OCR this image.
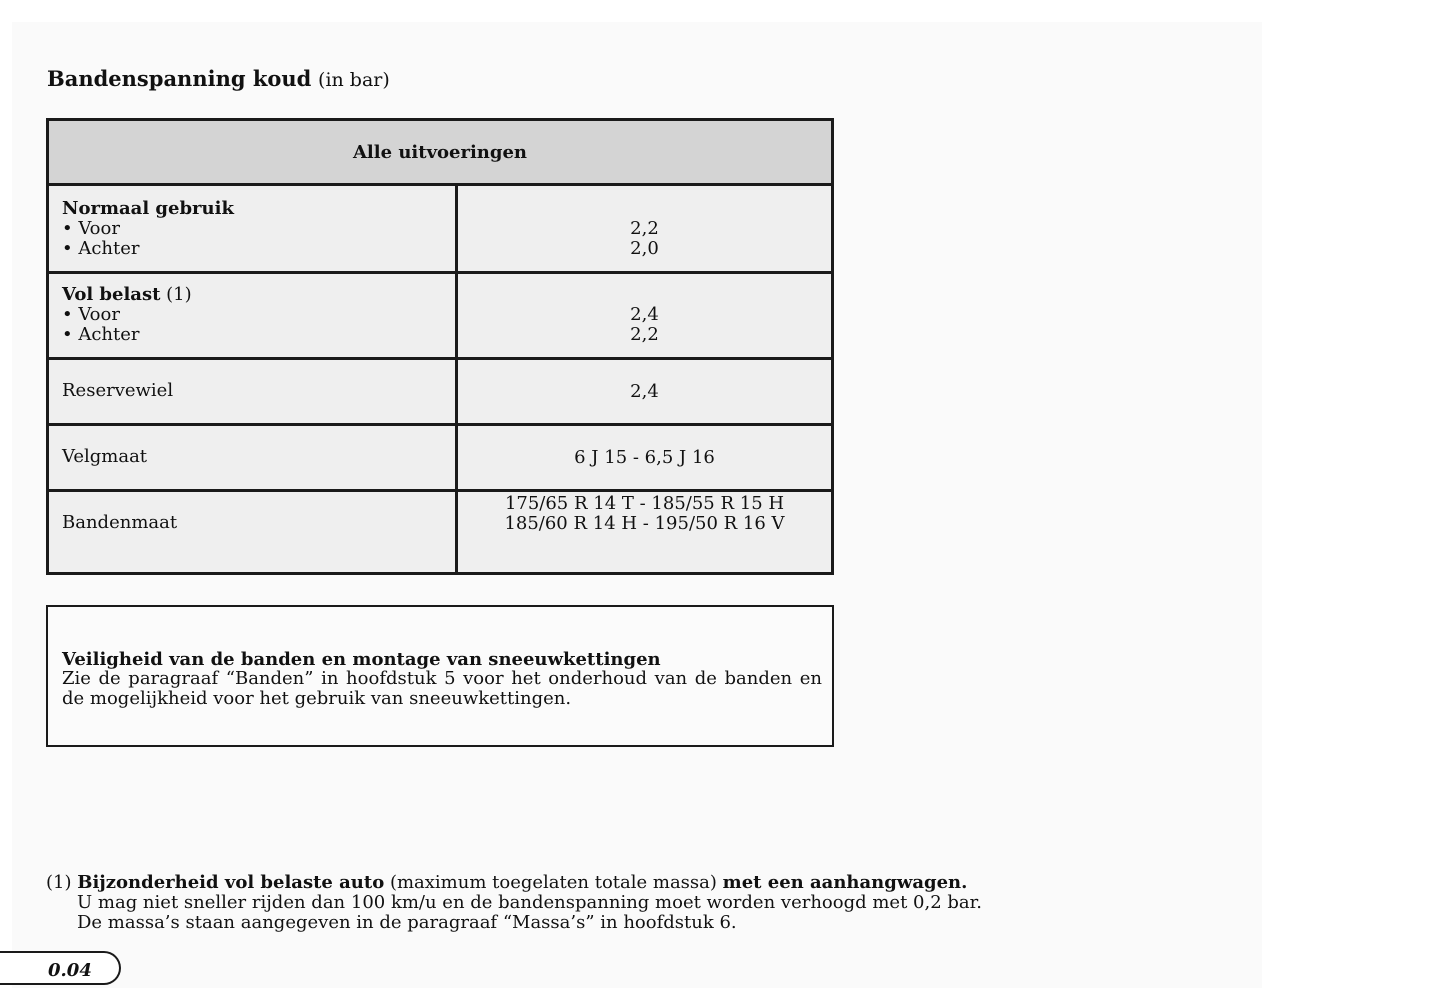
Bandenspanning koud (in bar)
Alle uitvoeringen
Normaal gebruik
• Voor
• Achter
2,2
2,0
Vol belast (1)
• Voor
• Achter
2,4
2,2
Reservewiel	2,4
Velgmaat	6 J 15 - 6,5 J 16
Bandenmaat
175/65 R 14 T - 185/55 R 15 H
185/60 R 14 H - 195/50 R 16 V
Veiligheid van de banden en montage van sneeuwkettingen
Zie de paragraaf “Banden” in hoofdstuk 5 voor het onderhoud van de banden en de mogelijkheid voor het gebruik van sneeuwkettingen.
(1) Bijzonderheid vol belaste auto (maximum toegelaten totale massa) met een aanhangwagen.
U mag niet sneller rijden dan 100 km/u en de bandenspanning moet worden verhoogd met 0,2 bar.
De massa’s staan aangegeven in de paragraaf “Massa’s” in hoofdstuk 6.
0.04
